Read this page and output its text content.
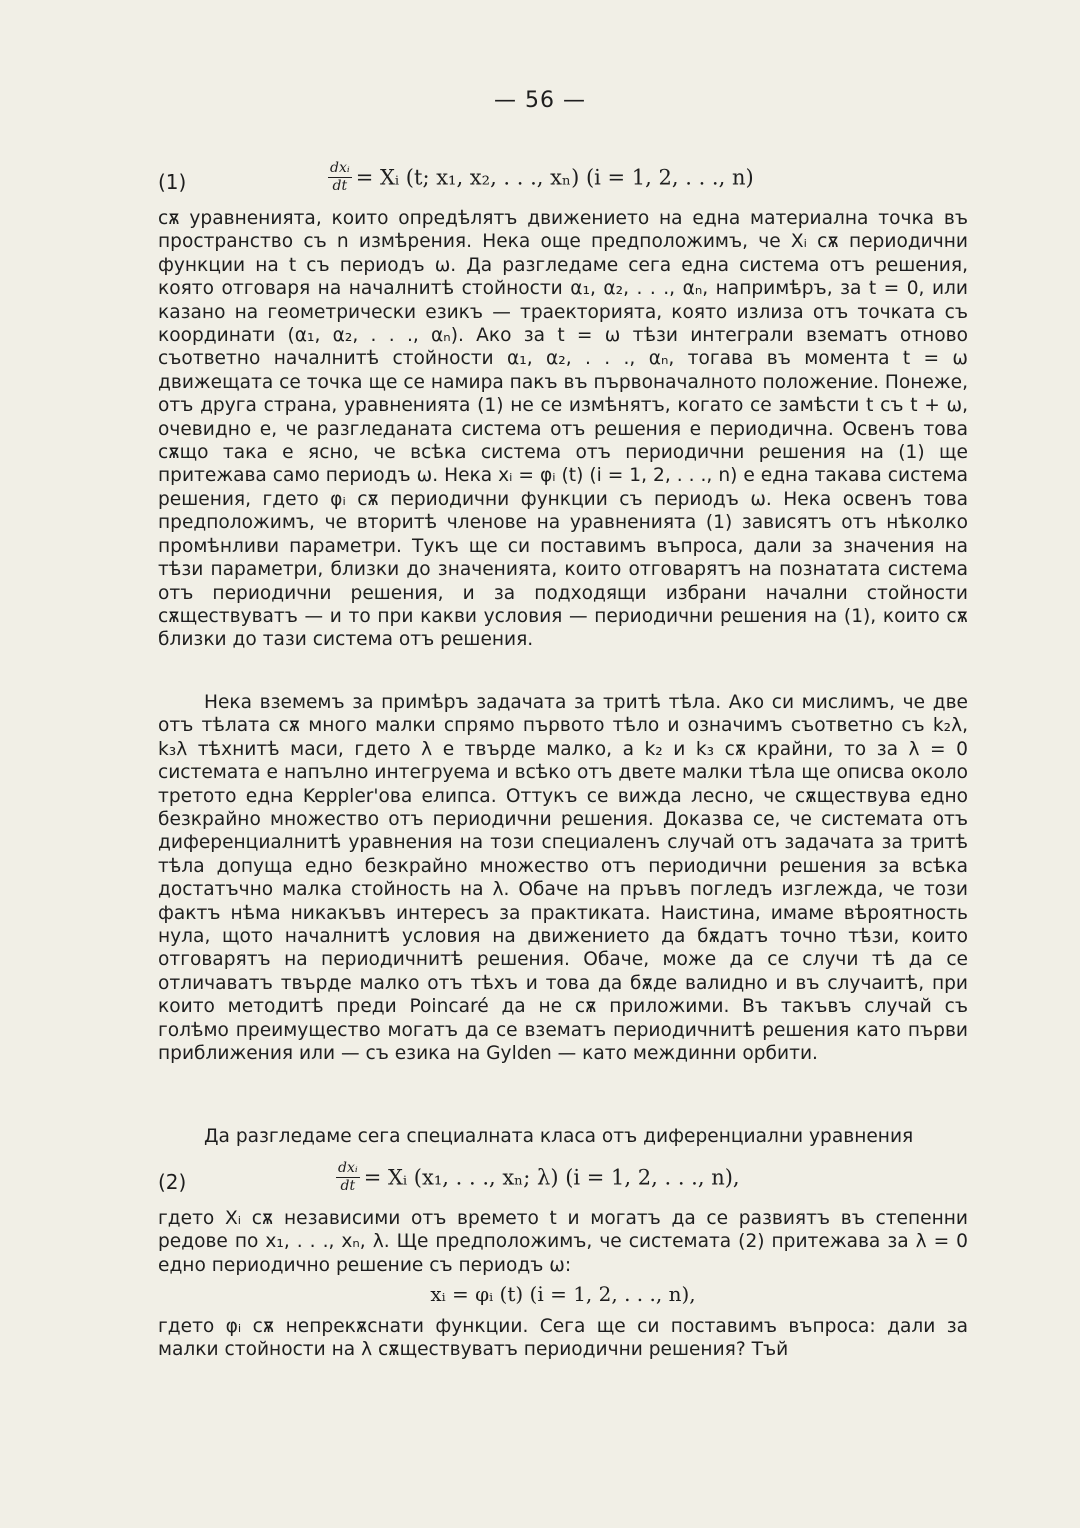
— 56 —
(1)	$\frac{\text{dxᵢ}}{dt}$ = Xᵢ (t; x₁, x₂, . . ., xₙ) (i = 1, 2, . . ., n)

сѫ уравненията, които опредѣлятъ движението на една материална точка въ пространство съ n измѣрения. Нека още предположимъ, че Xᵢ сѫ периодични функции на t съ периодъ ω. Да разгледаме сега една система отъ решения, която отговаря на началнитѣ стойности α₁, α₂, . . ., αₙ, напримѣръ, за t = 0, или казано на геометрически езикъ — траекторията, която излиза отъ точката съ координати (α₁, α₂, . . ., αₙ). Ако за t = ω тѣзи интеграли взематъ отново съответно началнитѣ стойности α₁, α₂, . . ., αₙ, тогава въ момента t = ω движещата се точка ще се намира пакъ въ първоначалното положение. Понеже, отъ друга страна, уравненията (1) не се измѣнятъ, когато се замѣсти t съ t + ω, очевидно е, че разгледаната система отъ решения е периодична. Освенъ това сѫщо така е ясно, че всѣка система отъ периодични решения на (1) ще притежава само периодъ ω. Нека xᵢ = φᵢ (t) (i = 1, 2, . . ., n) е една такава система решения, гдето φᵢ сѫ периодични функции съ периодъ ω. Нека освенъ това предположимъ, че вторитѣ членове на уравненията (1) зависятъ отъ нѣколко промѣнливи параметри. Тукъ ще си поставимъ въпроса, дали за значения на тѣзи параметри, близки до значенията, които отговарятъ на познатата система отъ периодични решения, и за подходящи избрани начални стойности сѫществуватъ — и то при какви условия — периодични решения на (1), които сѫ близки до тази система отъ решения.

Нека вземемъ за примѣръ задачата за тритѣ тѣла. Ако си мислимъ, че две отъ тѣлата сѫ много малки спрямо първото тѣло и означимъ съответно съ k₂λ, k₃λ тѣхнитѣ маси, гдето λ е твърде малко, а k₂ и k₃ сѫ крайни, то за λ = 0 системата е напълно интегруема и всѣко отъ двете малки тѣла ще описва около третото една Keppler'ова елипса. Оттукъ се вижда лесно, че сѫществува едно безкрайно множество отъ периодични решения. Доказва се, че системата отъ диференциалнитѣ уравнения на този специаленъ случай отъ задачата за тритѣ тѣла допуща едно безкрайно множество отъ периодични решения за всѣка достатъчно малка стойность на λ. Обаче на пръвъ погледъ изглежда, че този фактъ нѣма никакъвъ интересъ за практиката. Наистина, имаме вѣроятность нула, щото началнитѣ условия на движението да бѫдатъ точно тѣзи, които отговарятъ на периодичнитѣ решения. Обаче, може да се случи тѣ да се отличаватъ твърде малко отъ тѣхъ и това да бѫде валидно и въ случаитѣ, при които методитѣ преди Poincaré да не сѫ приложими. Въ такъвъ случай съ голѣмо преимущество могатъ да се взематъ периодичнитѣ решения като първи приближения или — съ езика на Gylden — като междинни орбити.

Да разгледаме сега специалната класа отъ диференциални уравнения

(2)	$\frac{\text{dxᵢ}}{dt}$ = Xᵢ (x₁, . . ., xₙ; λ) (i = 1, 2, . . ., n),

гдето Xᵢ сѫ независими отъ времето t и могатъ да се развиятъ въ степенни редове по x₁, . . ., xₙ, λ. Ще предположимъ, че системата (2) притежава за λ = 0 едно периодично решение съ периодъ ω:

xᵢ = φᵢ (t) (i = 1, 2, . . ., n),

гдето φᵢ сѫ непрекѫснати функции. Сега ще си поставимъ въпроса: дали за малки стойности на λ сѫществуватъ периодични решения? Тъй
